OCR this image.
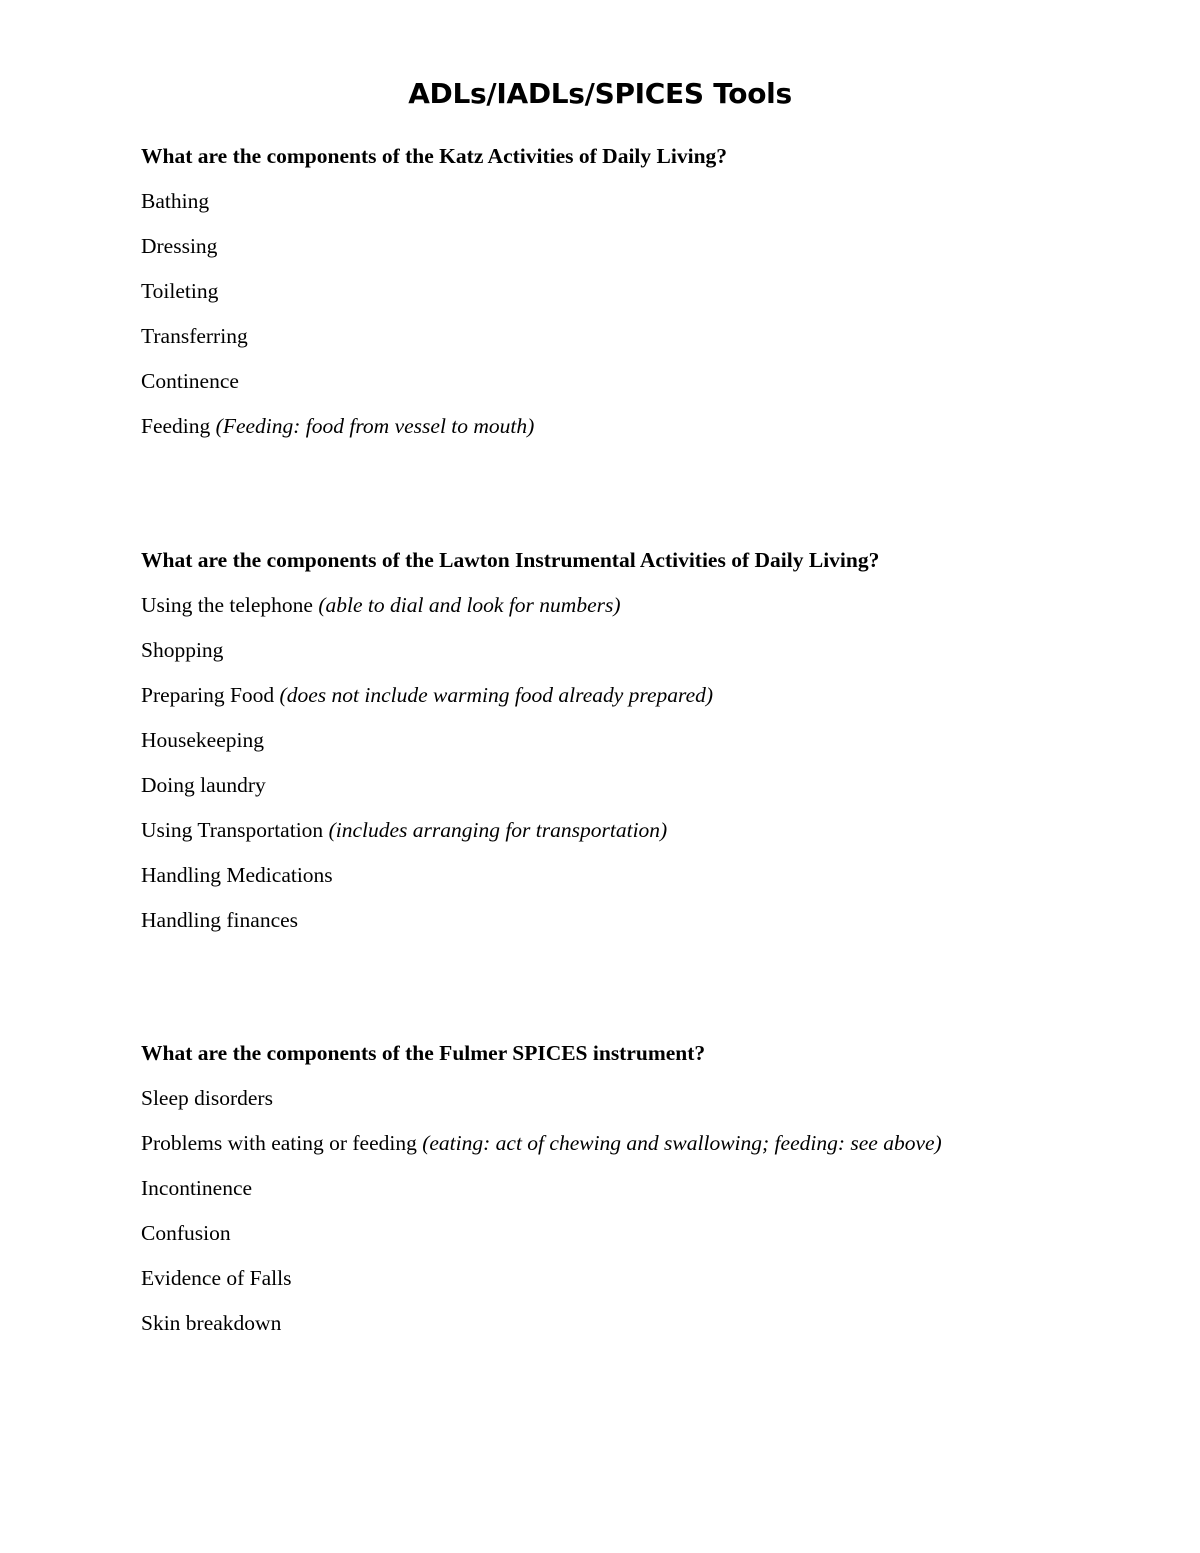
ADLs/IADLs/SPICES Tools
What are the components of the Katz Activities of Daily Living?
Bathing
Dressing
Toileting
Transferring
Continence
Feeding (Feeding: food from vessel to mouth)
What are the components of the Lawton Instrumental Activities of Daily Living?
Using the telephone (able to dial and look for numbers)
Shopping
Preparing Food (does not include warming food already prepared)
Housekeeping
Doing laundry
Using Transportation (includes arranging for transportation)
Handling Medications
Handling finances
What are the components of the Fulmer SPICES instrument?
Sleep disorders
Problems with eating or feeding (eating: act of chewing and swallowing; feeding: see above)
Incontinence
Confusion
Evidence of Falls
Skin breakdown
